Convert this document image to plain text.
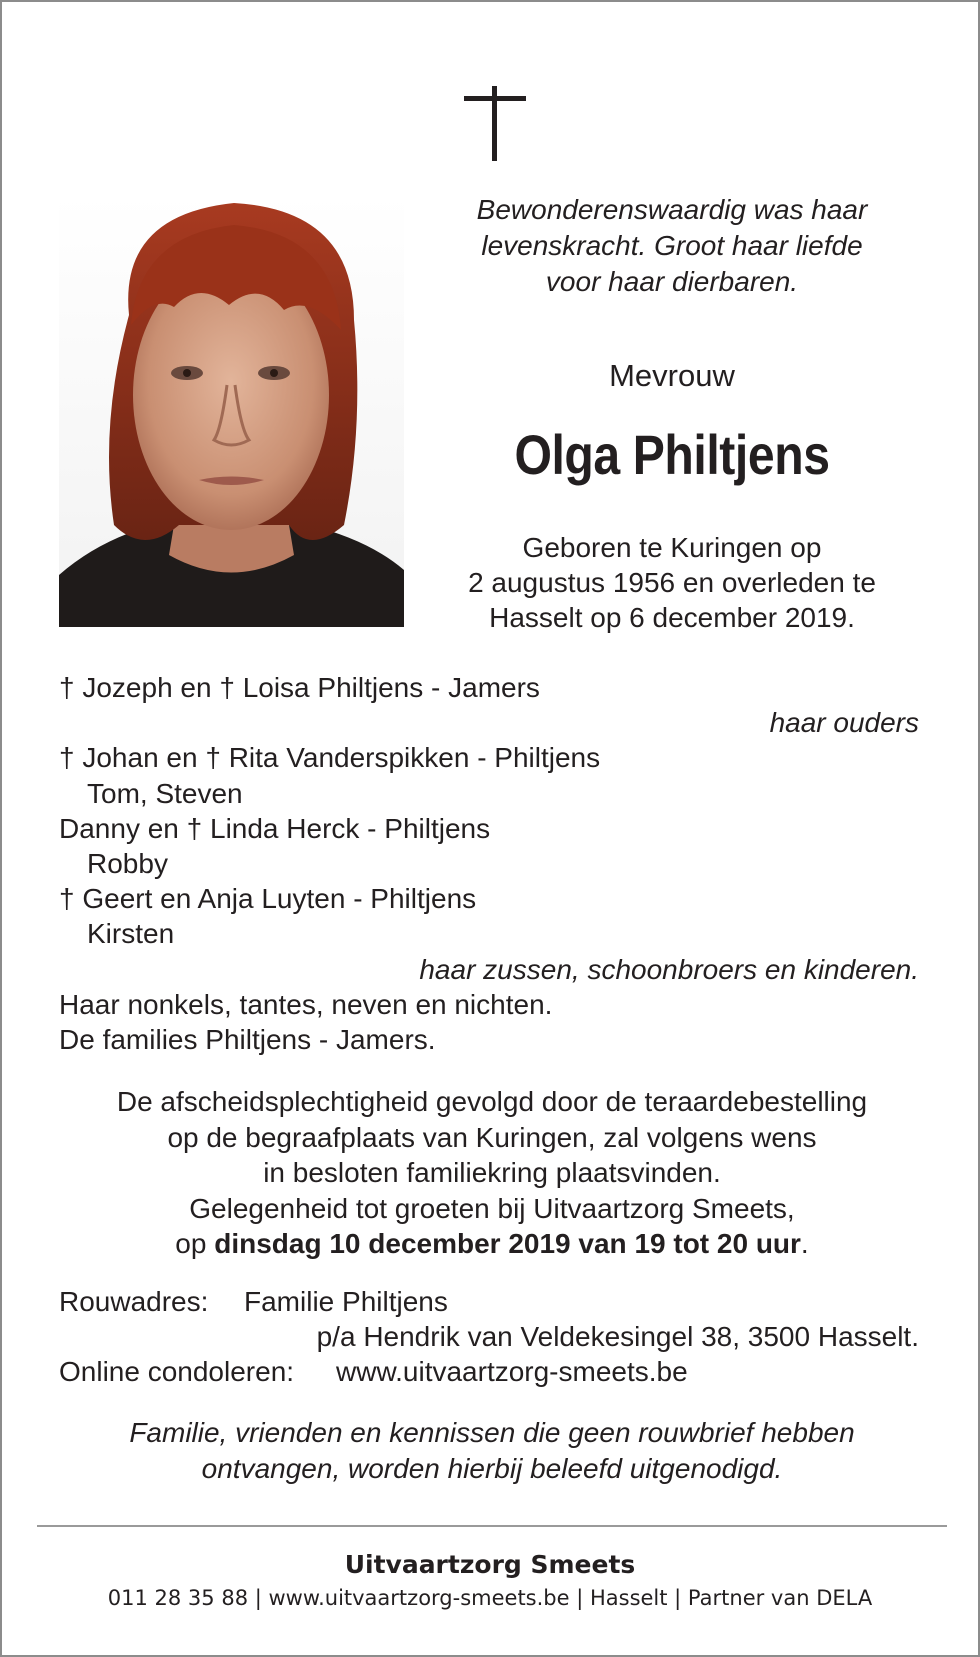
Bewonderenswaardig was haar
levenskracht. Groot haar liefde
voor haar dierbaren.
Mevrouw
Olga Philtjens
Geboren te Kuringen op
2 augustus 1956 en overleden te
Hasselt op 6 december 2019.
† Jozeph en † Loisa Philtjens - Jamers
haar ouders
† Johan en † Rita Vanderspikken - Philtjens
Tom, Steven
Danny en † Linda Herck - Philtjens
Robby
† Geert en Anja Luyten - Philtjens
Kirsten
haar zussen, schoonbroers en kinderen.
Haar nonkels, tantes, neven en nichten.
De families Philtjens - Jamers.
De afscheidsplechtigheid gevolgd door de teraardebestelling
op de begraafplaats van Kuringen, zal volgens wens
in besloten familiekring plaatsvinden.
Gelegenheid tot groeten bij Uitvaartzorg Smeets,
op dinsdag 10 december 2019 van 19 tot 20 uur.
Rouwadres: Familie Philtjens
p/a Hendrik van Veldekesingel 38, 3500 Hasselt.
Online condoleren: www.uitvaartzorg-smeets.be
Familie, vrienden en kennissen die geen rouwbrief hebben
ontvangen, worden hierbij beleefd uitgenodigd.
Uitvaartzorg Smeets
011 28 35 88 | www.uitvaartzorg-smeets.be | Hasselt | Partner van DELA
